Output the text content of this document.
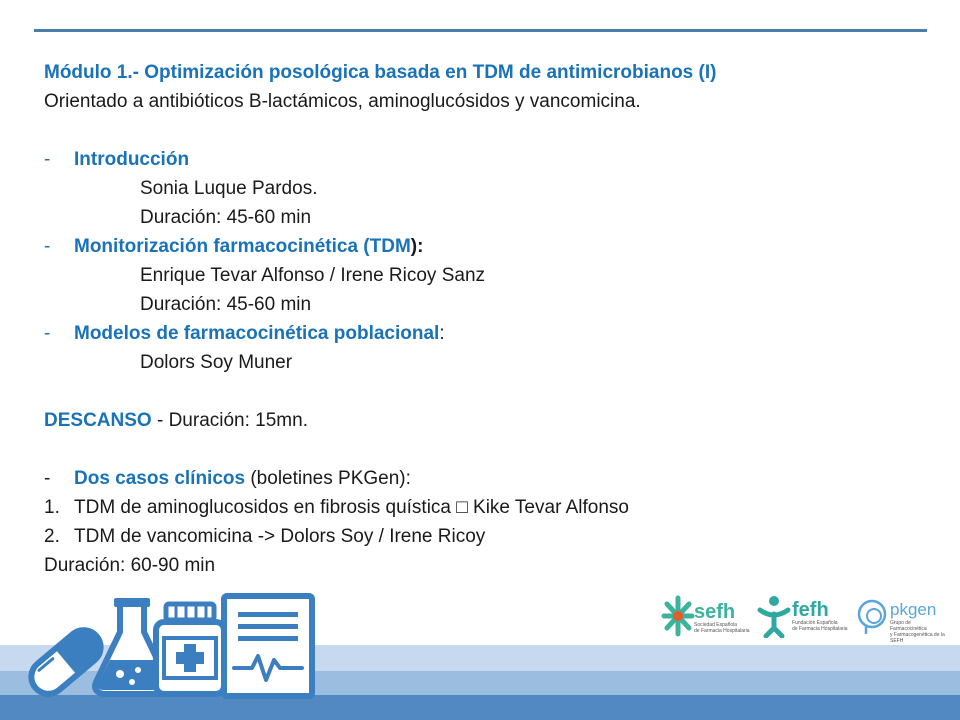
Módulo 1.- Optimización posológica basada en TDM de antimicrobianos (I)
Orientado a antibióticos B-lactámicos, aminoglucósidos y vancomicina.
- Introducción
Sonia Luque Pardos.
Duración: 45-60 min
- Monitorización farmacocinética (TDM):
Enrique Tevar Alfonso / Irene Ricoy Sanz
Duración: 45-60 min
- Modelos de farmacocinética poblacional:
Dolors Soy Muner
DESCANSO - Duración: 15mn.
- Dos casos clínicos (boletines PKGen):
1. TDM de aminoglucosidos en fibrosis quística □ Kike Tevar Alfonso
2. TDM de vancomicina -> Dolors Soy / Irene Ricoy
Duración: 60-90 min
sefh
Sociedad Española
de Farmacia Hospitalaria
fefh
Fundación Española
de Farmacia Hospitalaria
pkgen
Grupo de Farmacocinética
y Farmacogenética de la SEFH
